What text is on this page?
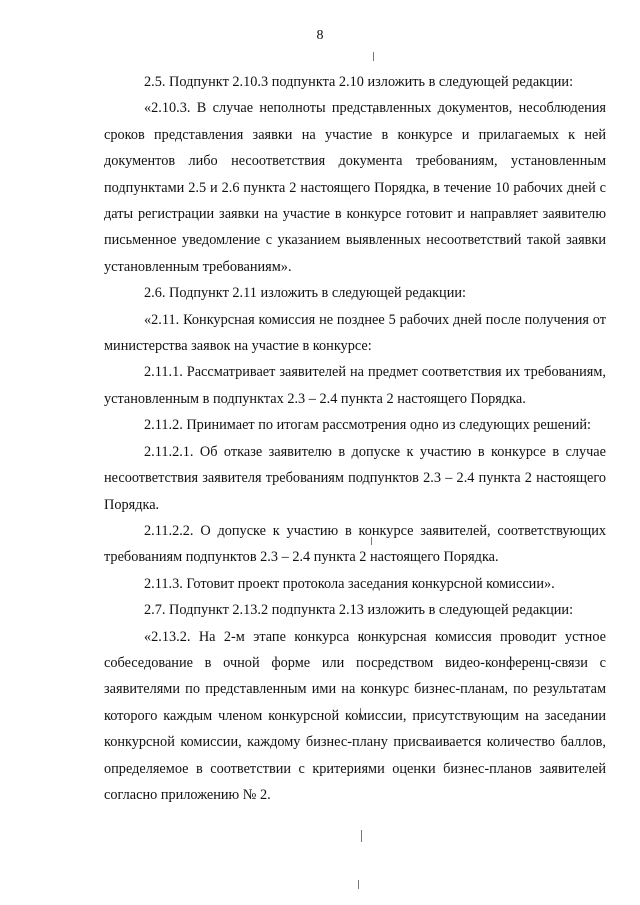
8

2.5. Подпункт 2.10.3 подпункта 2.10 изложить в следующей редакции:

«2.10.3. В случае неполноты представленных документов, несоблюдения сроков представления заявки на участие в конкурсе и прилагаемых к ней документов либо несоответствия документа требованиям, установленным подпунктами 2.5 и 2.6 пункта 2 настоящего Порядка, в течение 10 рабочих дней с даты регистрации заявки на участие в конкурсе готовит и направляет заявителю письменное уведомление с указанием выявленных несоответствий такой заявки установленным требованиям».

2.6. Подпункт 2.11 изложить в следующей редакции:

«2.11. Конкурсная комиссия не позднее 5 рабочих дней после получения от министерства заявок на участие в конкурсе:

2.11.1. Рассматривает заявителей на предмет соответствия их требованиям, установленным в подпунктах 2.3 – 2.4 пункта 2 настоящего Порядка.

2.11.2. Принимает по итогам рассмотрения одно из следующих решений:

2.11.2.1. Об отказе заявителю в допуске к участию в конкурсе в случае несоответствия заявителя требованиям подпунктов 2.3 – 2.4 пункта 2 настоящего Порядка.

2.11.2.2. О допуске к участию в конкурсе заявителей, соответствующих требованиям подпунктов 2.3 – 2.4 пункта 2 настоящего Порядка.

2.11.3. Готовит проект протокола заседания конкурсной комиссии».

2.7. Подпункт 2.13.2 подпункта 2.13 изложить в следующей редакции:

«2.13.2. На 2-м этапе конкурса конкурсная комиссия проводит устное собеседование в очной форме или посредством видео-конференц-связи с заявителями по представленным ими на конкурс бизнес-планам, по результатам которого каждым членом конкурсной комиссии, присутствующим на заседании конкурсной комиссии, каждому бизнес-плану присваивается количество баллов, определяемое в соответствии с критериями оценки бизнес-планов заявителей согласно приложению № 2.
